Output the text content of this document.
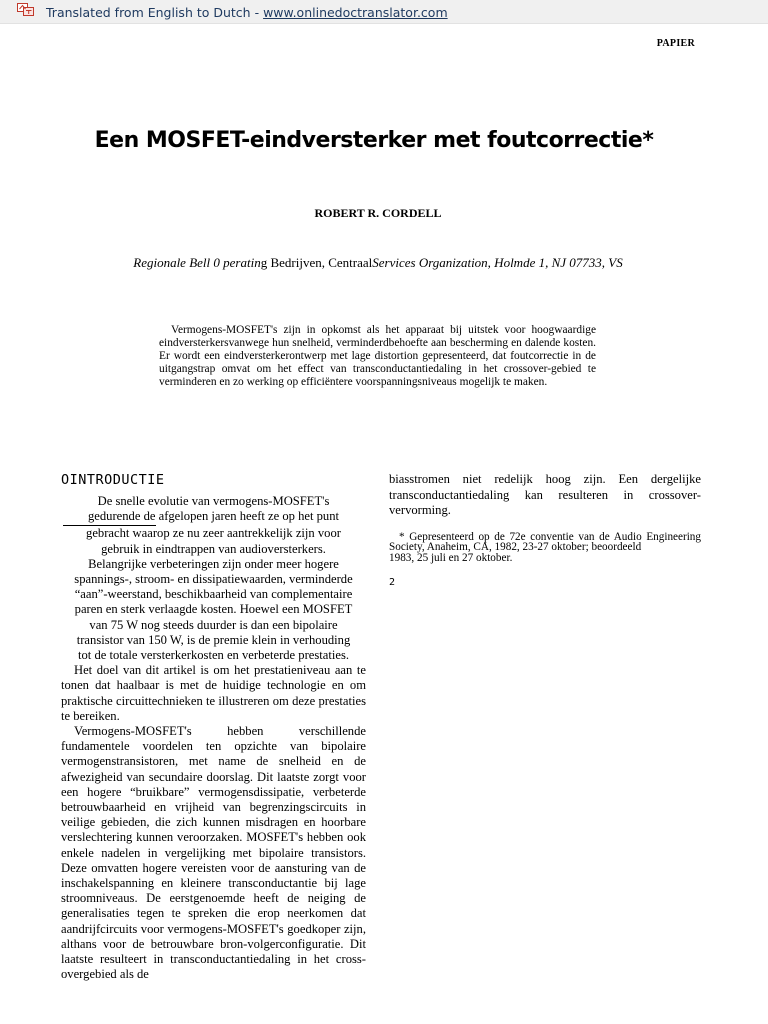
Translated from English to Dutch - www.onlinedoctranslator.com
PAPIER
Een MOSFET-eindversterker met foutcorrectie*
ROBERT R. CORDELL
Regionale Bell 0 perating Bedrijven, CentraalServices Organization, Holmde 1, NJ 07733, VS
Vermogens-MOSFET's zijn in opkomst als het apparaat bij uitstek voor hoogwaardige eindversterkersvanwege hun snelheid, verminderdbehoefte aan bescherming en dalende kosten. Er wordt een eindversterkerontwerp met lage distortion gepresenteerd, dat foutcorrectie in de uitgangstrap omvat om het effect van transconductantiedaling in het crossover-gebied te verminderen en zo werking op efficiëntere voorspanningsniveaus mogelijk te maken.
OINTRODUCTIE
De snelle evolutie van vermogens-MOSFET's
gedurende de afgelopen jaren heeft ze op het punt
gebracht waarop ze nu zeer aantrekkelijk zijn voor
gebruik in eindtrappen van audioversterkers.
Belangrijke verbeteringen zijn onder meer hogere
spannings-, stroom- en dissipatiewaarden, verminderde
“aan”-weerstand, beschikbaarheid van complementaire
paren en sterk verlaagde kosten. Hoewel een MOSFET
van 75 W nog steeds duurder is dan een bipolaire
transistor van 150 W, is de premie klein in verhouding
tot de totale versterkerkosten en verbeterde prestaties.

Het doel van dit artikel is om het prestatieniveau aan te tonen dat haalbaar is met de huidige technologie en om praktische circuittechnieken te illustreren om deze prestaties te bereiken.

Vermogens-MOSFET's hebben verschillende fundamentele voordelen ten opzichte van bipolaire vermogenstransistoren, met name de snelheid en de afwezigheid van secundaire doorslag. Dit laatste zorgt voor een hogere “bruikbare” vermogensdissipatie, verbeterde betrouwbaarheid en vrijheid van begrenzingscircuits in veilige gebieden, die zich kunnen misdragen en hoorbare verslechtering kunnen veroorzaken. MOSFET's hebben ook enkele nadelen in vergelijking met bipolaire transistors. Deze omvatten hogere vereisten voor de aansturing van de inschakelspanning en kleinere transconductantie bij lage stroomniveaus. De eerstgenoemde heeft de neiging de generalisaties tegen te spreken die erop neerkomen dat aandrijfcircuits voor vermogens-MOSFET's goedkoper zijn, althans voor de betrouwbare bron-volgerconfiguratie. Dit laatste resulteert in transconductantiedaling in het cross-overgebied als de

biasstromen niet redelijk hoog zijn. Een dergelijke transconductantiedaling kan resulteren in crossover-vervorming.

* Gepresenteerd op de 72e conventie van de Audio Engineering Society, Anaheim, CA, 1982, 23-27 oktober; beoordeeld
1983, 25 juli en 27 oktober.
2
